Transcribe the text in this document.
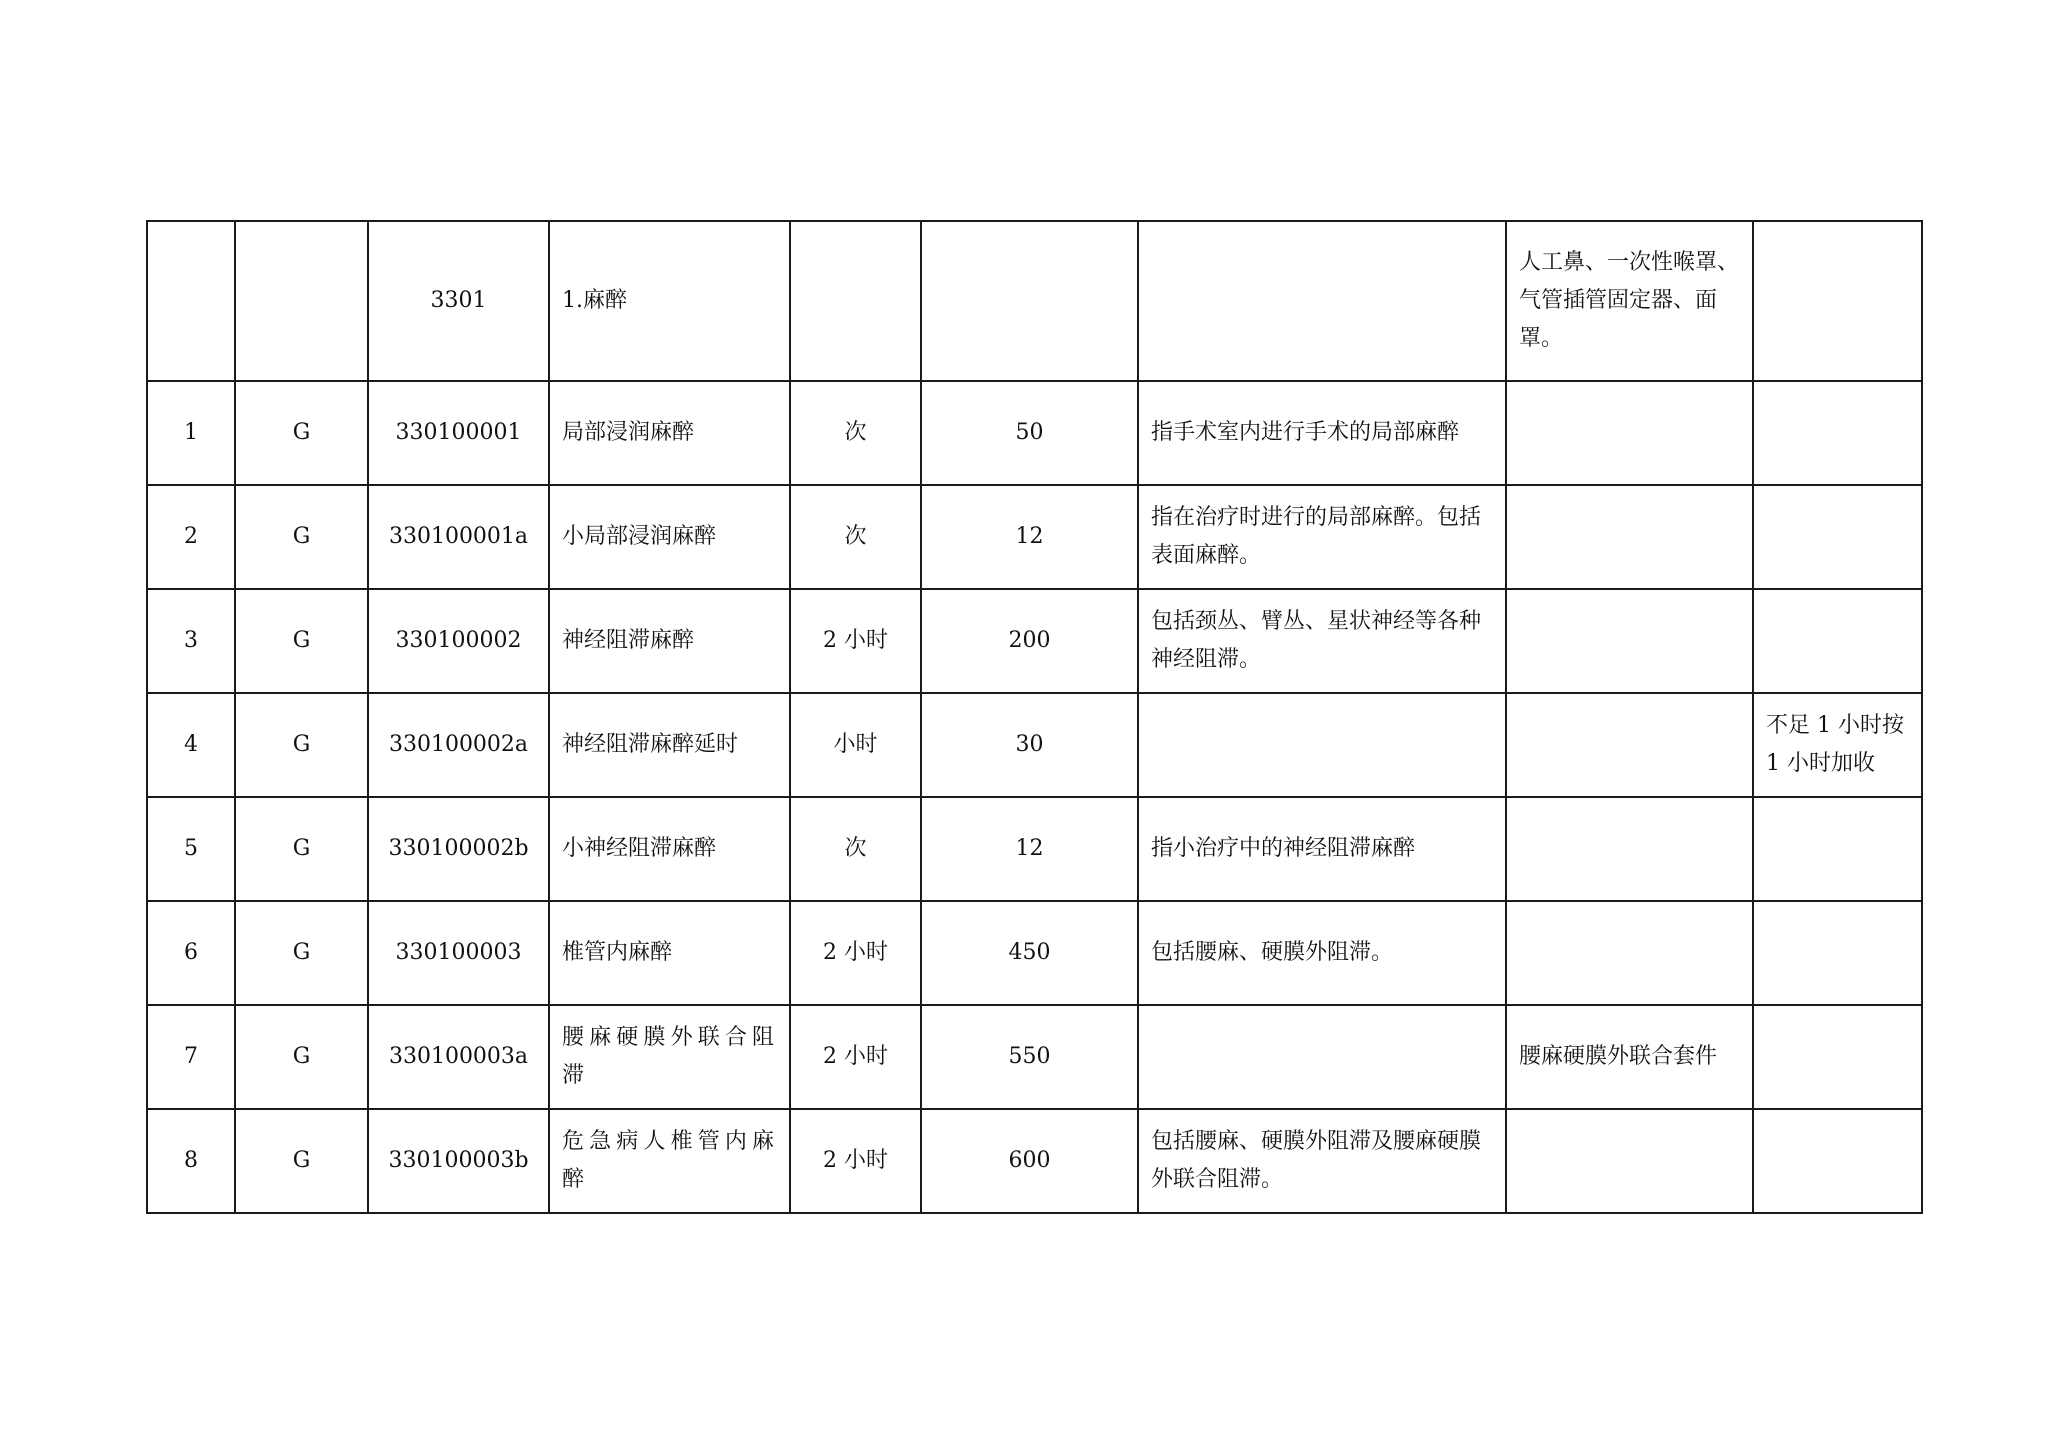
		3301	1.麻醉				人工鼻、一次性喉罩、气管插管固定器、面罩。	
1	G	330100001	局部浸润麻醉	次	50	指手术室内进行手术的局部麻醉		
2	G	330100001a	小局部浸润麻醉	次	12	指在治疗时进行的局部麻醉。包括表面麻醉。		
3	G	330100002	神经阻滞麻醉	2 小时	200	包括颈丛、臂丛、星状神经等各种神经阻滞。		
4	G	330100002a	神经阻滞麻醉延时	小时	30			不足 1 小时按 1 小时加收
5	G	330100002b	小神经阻滞麻醉	次	12	指小治疗中的神经阻滞麻醉		
6	G	330100003	椎管内麻醉	2 小时	450	包括腰麻、硬膜外阻滞。		
7	G	330100003a	腰麻硬膜外联合阻滞	2 小时	550		腰麻硬膜外联合套件	
8	G	330100003b	危急病人椎管内麻醉	2 小时	600	包括腰麻、硬膜外阻滞及腰麻硬膜外联合阻滞。		
